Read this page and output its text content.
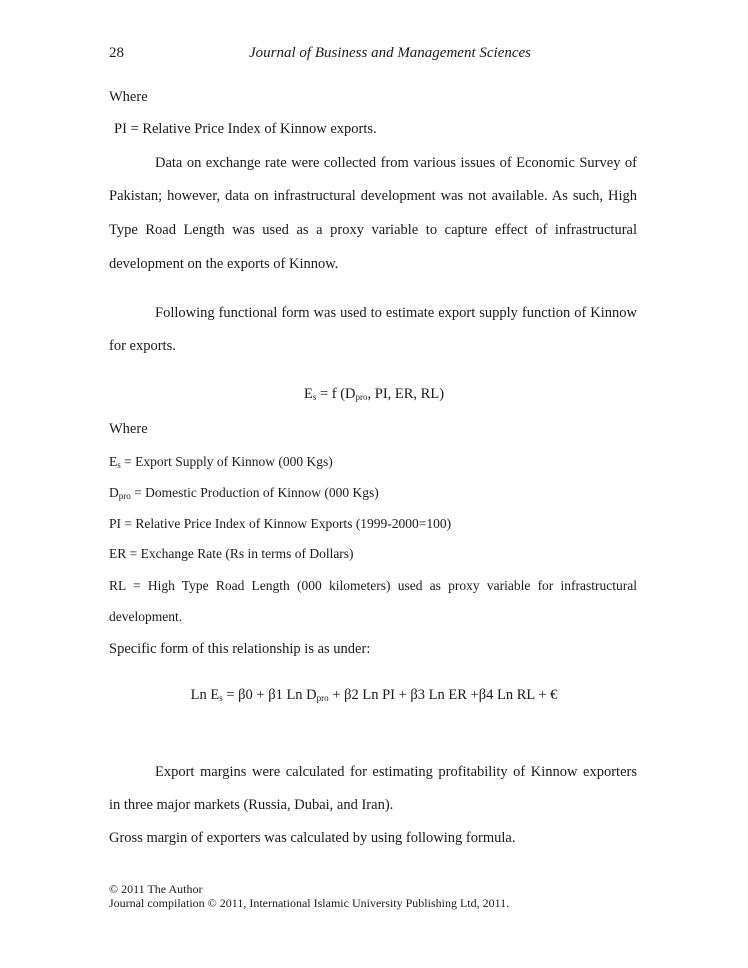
28	Journal of Business and Management Sciences
Where
PI = Relative Price Index of Kinnow exports.
Data on exchange rate were collected from various issues of Economic Survey of
Pakistan; however, data on infrastructural development was not available. As such, High
Type Road Length was used as a proxy variable to capture effect of infrastructural
development on the exports of Kinnow.
Following functional form was used to estimate export supply function of Kinnow
for exports.
$E_s = f$ ($D_{pro}$, PI, ER, RL)
Where
$E_s$ = Export Supply of Kinnow (000 Kgs)
$D_{pro}$ = Domestic Production of Kinnow (000 Kgs)
PI = Relative Price Index of Kinnow Exports (1999-2000=100)
ER = Exchange Rate (Rs in terms of Dollars)
RL = High Type Road Length (000 kilometers) used as proxy variable for infrastructural
development.
Specific form of this relationship is as under:
Ln $E_s = \beta 0 + \beta 1$ Ln $D_{pro} + \beta 2$ Ln PI + β3 Ln ER +β4 Ln RL + €
Export margins were calculated for estimating profitability of Kinnow exporters
in three major markets (Russia, Dubai, and Iran).
Gross margin of exporters was calculated by using following formula.
© 2011 The Author
Journal compilation © 2011, International Islamic University Publishing Ltd, 2011.
